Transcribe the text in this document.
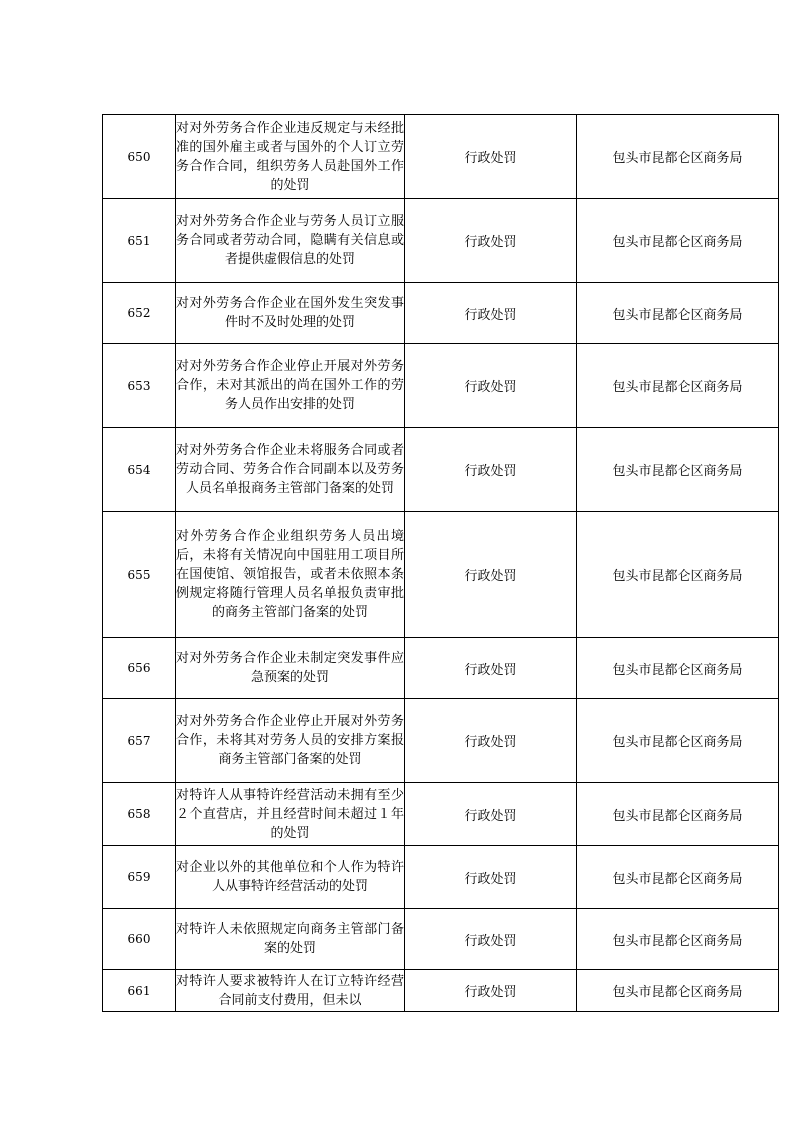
650	对对外劳务合作企业违反规定与未经批准的国外雇主或者与国外的个人订立劳务合作合同，组织劳务人员赴国外工作的处罚	行政处罚	包头市昆都仑区商务局
651	对对外劳务合作企业与劳务人员订立服务合同或者劳动合同，隐瞒有关信息或者提供虚假信息的处罚	行政处罚	包头市昆都仑区商务局
652	对对外劳务合作企业在国外发生突发事件时不及时处理的处罚	行政处罚	包头市昆都仑区商务局
653	对对外劳务合作企业停止开展对外劳务合作，未对其派出的尚在国外工作的劳务人员作出安排的处罚	行政处罚	包头市昆都仑区商务局
654	对对外劳务合作企业未将服务合同或者劳动合同、劳务合作合同副本以及劳务人员名单报商务主管部门备案的处罚	行政处罚	包头市昆都仑区商务局
655	对外劳务合作企业组织劳务人员出境后，未将有关情况向中国驻用工项目所在国使馆、领馆报告，或者未依照本条例规定将随行管理人员名单报负责审批的商务主管部门备案的处罚	行政处罚	包头市昆都仑区商务局
656	对对外劳务合作企业未制定突发事件应急预案的处罚	行政处罚	包头市昆都仑区商务局
657	对对外劳务合作企业停止开展对外劳务合作，未将其对劳务人员的安排方案报商务主管部门备案的处罚	行政处罚	包头市昆都仑区商务局
658	对特许人从事特许经营活动未拥有至少２个直营店，并且经营时间未超过１年的处罚	行政处罚	包头市昆都仑区商务局
659	对企业以外的其他单位和个人作为特许人从事特许经营活动的处罚	行政处罚	包头市昆都仑区商务局
660	对特许人未依照规定向商务主管部门备案的处罚	行政处罚	包头市昆都仑区商务局
661	对特许人要求被特许人在订立特许经营合同前支付费用，但未以	行政处罚	包头市昆都仑区商务局
